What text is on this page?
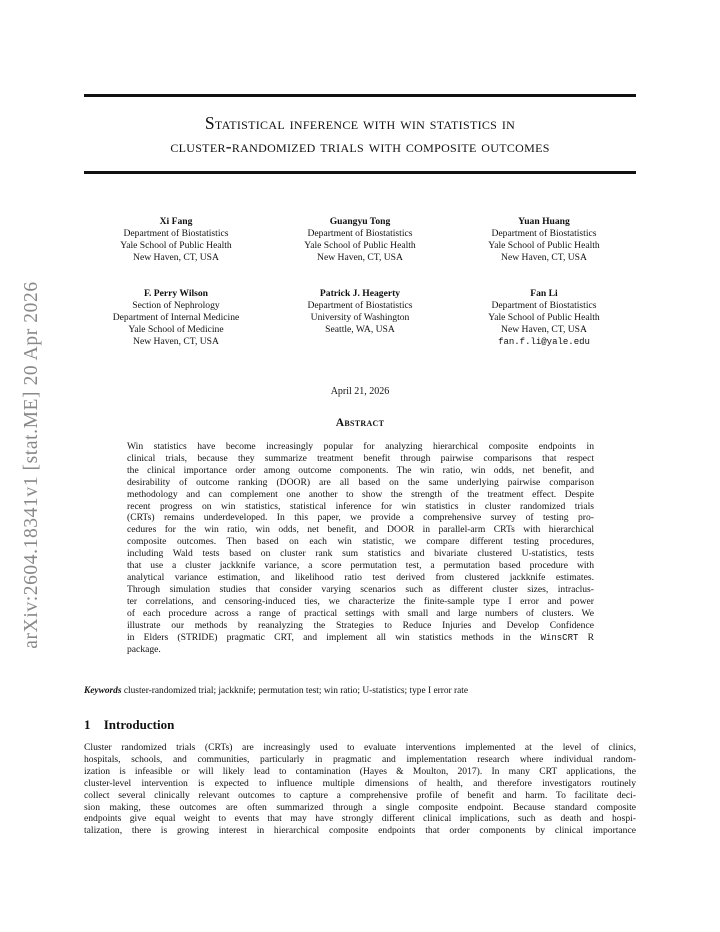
arXiv:2604.18341v1 [stat.ME] 20 Apr 2026
Statistical inference with win statistics in
cluster-randomized trials with composite outcomes
Xi Fang
Department of Biostatistics
Yale School of Public Health
New Haven, CT, USA
Guangyu Tong
Department of Biostatistics
Yale School of Public Health
New Haven, CT, USA
Yuan Huang
Department of Biostatistics
Yale School of Public Health
New Haven, CT, USA
F. Perry Wilson
Section of Nephrology
Department of Internal Medicine
Yale School of Medicine
New Haven, CT, USA
Patrick J. Heagerty
Department of Biostatistics
University of Washington
Seattle, WA, USA
Fan Li
Department of Biostatistics
Yale School of Public Health
New Haven, CT, USA
fan.f.li@yale.edu
April 21, 2026
Abstract
Win statistics have become increasingly popular for analyzing hierarchical composite endpoints in
clinical trials, because they summarize treatment benefit through pairwise comparisons that respect
the clinical importance order among outcome components. The win ratio, win odds, net benefit, and
desirability of outcome ranking (DOOR) are all based on the same underlying pairwise comparison
methodology and can complement one another to show the strength of the treatment effect. Despite
recent progress on win statistics, statistical inference for win statistics in cluster randomized trials
(CRTs) remains underdeveloped. In this paper, we provide a comprehensive survey of testing pro-
cedures for the win ratio, win odds, net benefit, and DOOR in parallel-arm CRTs with hierarchical
composite outcomes. Then based on each win statistic, we compare different testing procedures,
including Wald tests based on cluster rank sum statistics and bivariate clustered U-statistics, tests
that use a cluster jackknife variance, a score permutation test, a permutation based procedure with
analytical variance estimation, and likelihood ratio test derived from clustered jackknife estimates.
Through simulation studies that consider varying scenarios such as different cluster sizes, intraclus-
ter correlations, and censoring-induced ties, we characterize the finite-sample type I error and power
of each procedure across a range of practical settings with small and large numbers of clusters. We
illustrate our methods by reanalyzing the Strategies to Reduce Injuries and Develop Confidence
in Elders (STRIDE) pragmatic CRT, and implement all win statistics methods in the WinsCRT R
package.
Keywords cluster-randomized trial; jackknife; permutation test; win ratio; U-statistics; type I error rate
1 Introduction
Cluster randomized trials (CRTs) are increasingly used to evaluate interventions implemented at the level of clinics,
hospitals, schools, and communities, particularly in pragmatic and implementation research where individual random-
ization is infeasible or will likely lead to contamination (Hayes & Moulton, 2017). In many CRT applications, the
cluster-level intervention is expected to influence multiple dimensions of health, and therefore investigators routinely
collect several clinically relevant outcomes to capture a comprehensive profile of benefit and harm. To facilitate deci-
sion making, these outcomes are often summarized through a single composite endpoint. Because standard composite
endpoints give equal weight to events that may have strongly different clinical implications, such as death and hospi-
talization, there is growing interest in hierarchical composite endpoints that order components by clinical importance
